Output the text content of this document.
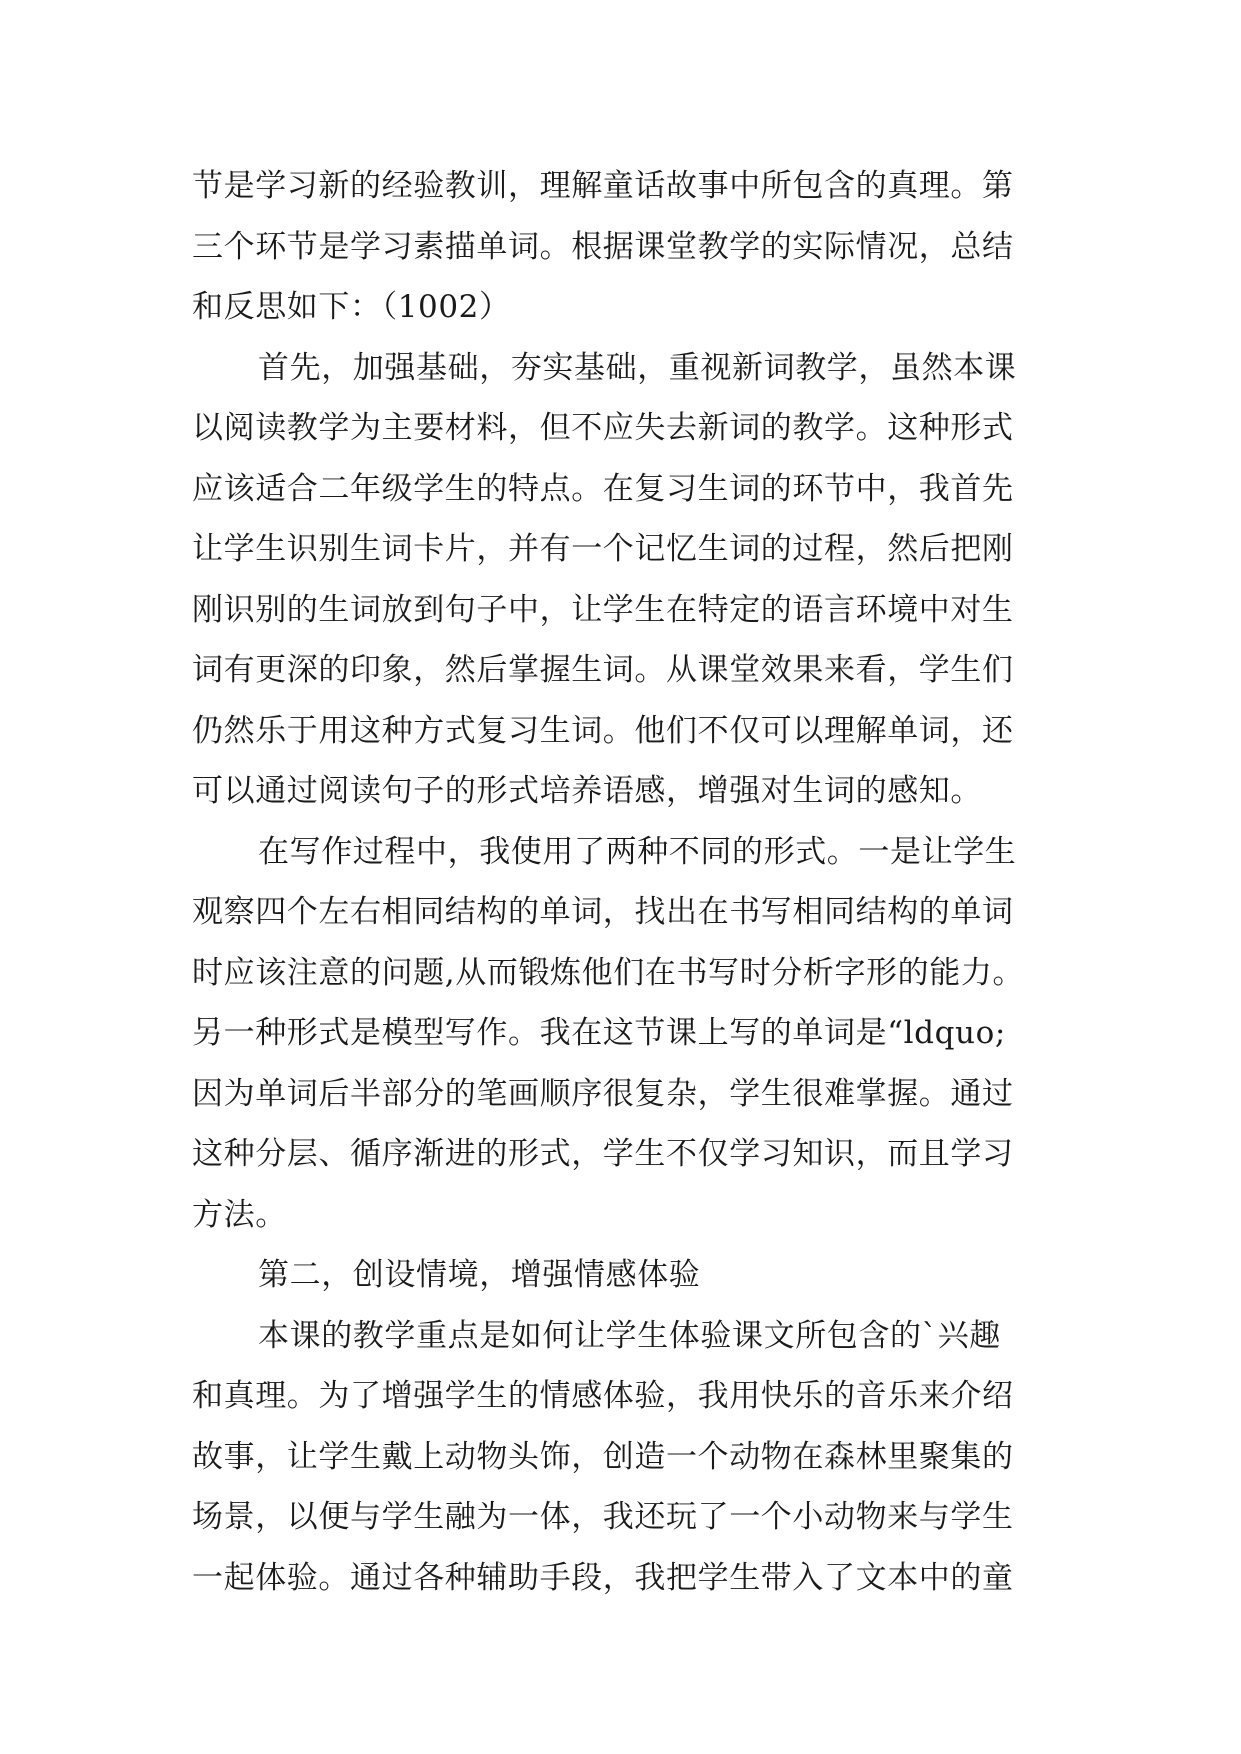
节是学习新的经验教训，理解童话故事中所包含的真理。第
三个环节是学习素描单词。根据课堂教学的实际情况，总结
和反思如下：（1002）
首先，加强基础，夯实基础，重视新词教学，虽然本课
以阅读教学为主要材料，但不应失去新词的教学。这种形式
应该适合二年级学生的特点。在复习生词的环节中，我首先
让学生识别生词卡片，并有一个记忆生词的过程，然后把刚
刚识别的生词放到句子中，让学生在特定的语言环境中对生
词有更深的印象，然后掌握生词。从课堂效果来看，学生们
仍然乐于用这种方式复习生词。他们不仅可以理解单词，还
可以通过阅读句子的形式培养语感，增强对生词的感知。
在写作过程中，我使用了两种不同的形式。一是让学生
观察四个左右相同结构的单词，找出在书写相同结构的单词
时应该注意的问题,从而锻炼他们在书写时分析字形的能力。
另一种形式是模型写作。我在这节课上写的单词是“ldquo;
因为单词后半部分的笔画顺序很复杂，学生很难掌握。通过
这种分层、循序渐进的形式，学生不仅学习知识，而且学习
方法。
第二，创设情境，增强情感体验
本课的教学重点是如何让学生体验课文所包含的`兴趣
和真理。为了增强学生的情感体验，我用快乐的音乐来介绍
故事，让学生戴上动物头饰，创造一个动物在森林里聚集的
场景，以便与学生融为一体，我还玩了一个小动物来与学生
一起体验。通过各种辅助手段，我把学生带入了文本中的童
